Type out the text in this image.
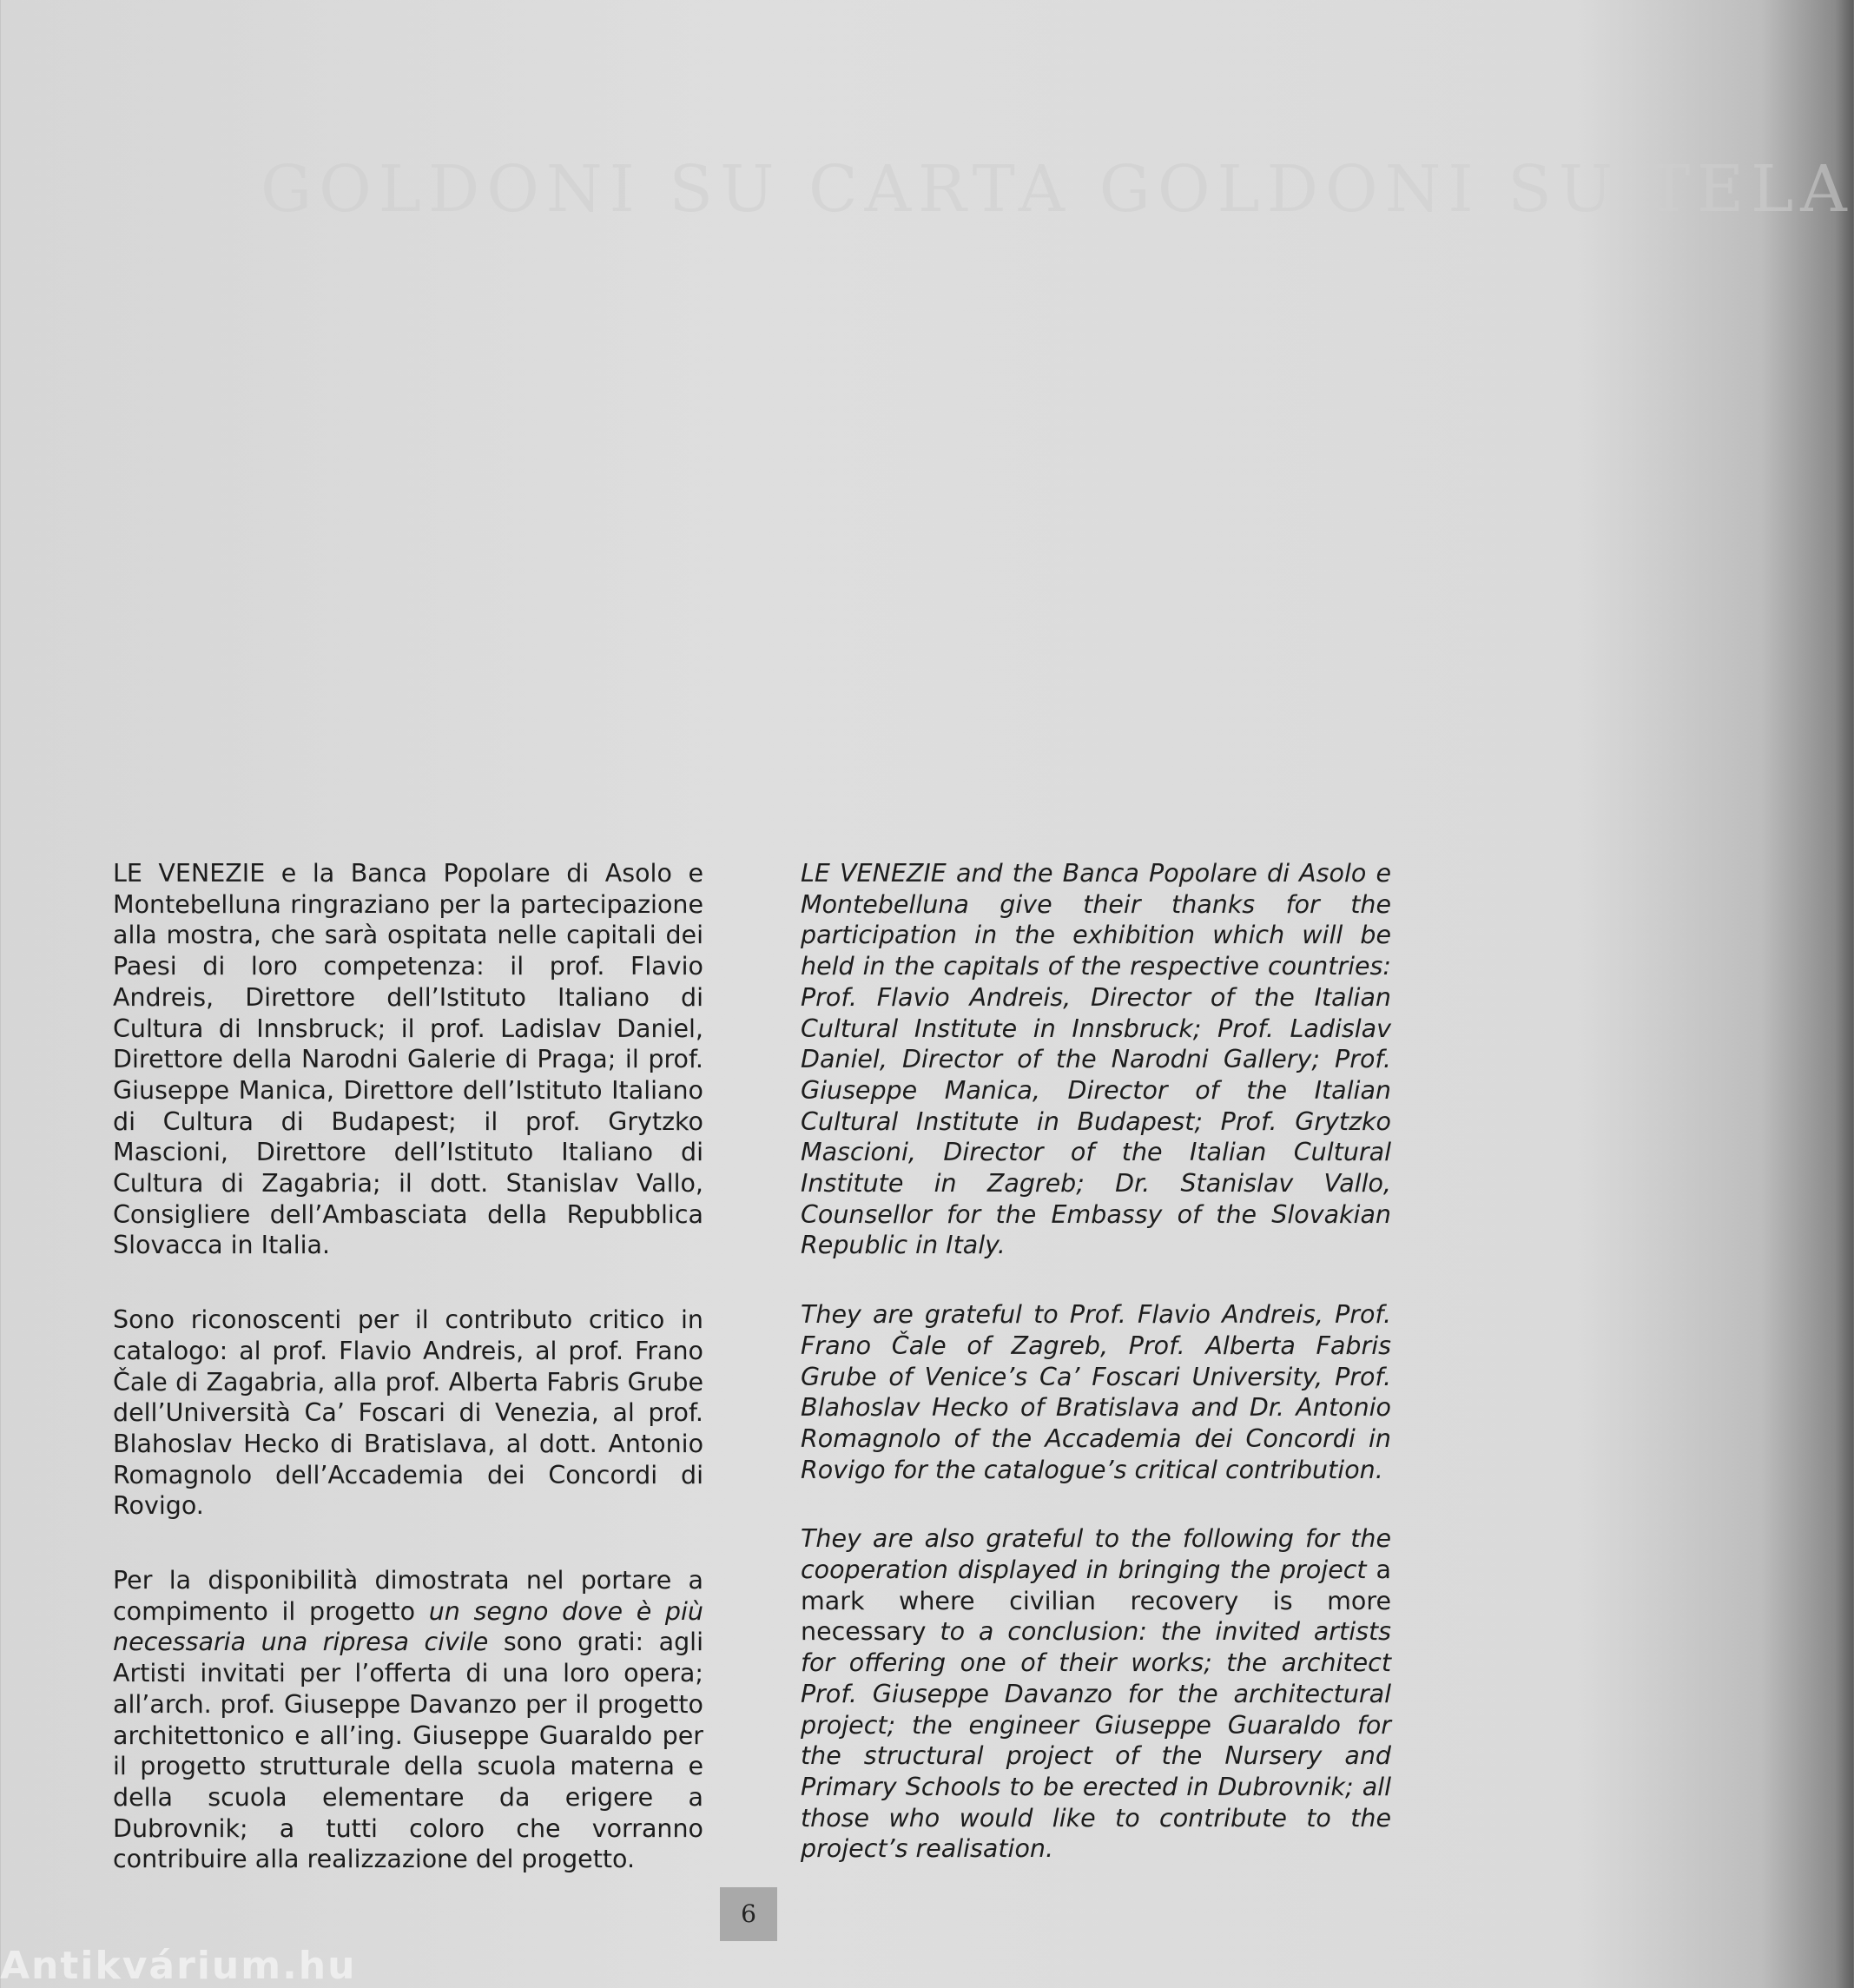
GOLDONI SU CARTA GOLDONI SU TELA

LE VENEZIE e la Banca Popolare di Asolo e Montebelluna ringraziano per la partecipazione alla mostra, che sarà ospitata nelle capitali dei Paesi di loro competenza: il prof. Flavio Andreis, Direttore dell’Istituto Italiano di Cultura di Innsbruck; il prof. Ladislav Daniel, Direttore della Narodni Galerie di Praga; il prof. Giuseppe Manica, Direttore dell’Istituto Italiano di Cultura di Budapest; il prof. Grytzko Mascioni, Direttore dell’Istituto Italiano di Cultura di Zagabria; il dott. Stanislav Vallo, Consigliere dell’Ambasciata della Repubblica Slovacca in Italia.

Sono riconoscenti per il contributo critico in catalogo: al prof. Flavio Andreis, al prof. Frano Čale di Zagabria, alla prof. Alberta Fabris Grube dell’Università Ca’ Foscari di Venezia, al prof. Blahoslav Hecko di Bratislava, al dott. Antonio Romagnolo dell’Accademia dei Concordi di Rovigo.

Per la disponibilità dimostrata nel portare a compimento il progetto un segno dove è più necessaria una ripresa civile sono grati: agli Artisti invitati per l’offerta di una loro opera; all’arch. prof. Giuseppe Davanzo per il progetto architettonico e all’ing. Giuseppe Guaraldo per il progetto strutturale della scuola materna e della scuola elementare da erigere a Dubrovnik; a tutti coloro che vorranno contribuire alla realizzazione del progetto.

LE VENEZIE and the Banca Popolare di Asolo e Montebelluna give their thanks for the participation in the exhibition which will be held in the capitals of the respective countries: Prof. Flavio Andreis, Director of the Italian Cultural Institute in Innsbruck; Prof. Ladislav Daniel, Director of the Narodni Gallery; Prof. Giuseppe Manica, Director of the Italian Cultural Institute in Budapest; Prof. Grytzko Mascioni, Director of the Italian Cultural Institute in Zagreb; Dr. Stanislav Vallo, Counsellor for the Embassy of the Slovakian Republic in Italy.

They are grateful to Prof. Flavio Andreis, Prof. Frano Čale of Zagreb, Prof. Alberta Fabris Grube of Venice’s Ca’ Foscari University, Prof. Blahoslav Hecko of Bratislava and Dr. Antonio Romagnolo of the Accademia dei Concordi in Rovigo for the catalogue’s critical contribution.

They are also grateful to the following for the cooperation displayed in bringing the project a mark where civilian recovery is more necessary to a conclusion: the invited artists for offering one of their works; the architect Prof. Giuseppe Davanzo for the architectural project; the engineer Giuseppe Guaraldo for the structural project of the Nursery and Primary Schools to be erected in Dubrovnik; all those who would like to contribute to the project’s realisation.

6
Antikvárium.hu
